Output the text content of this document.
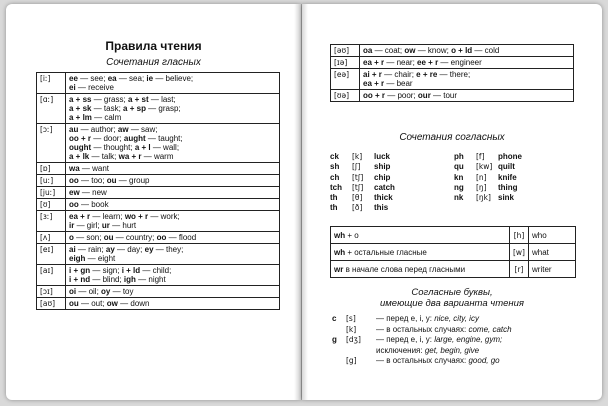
Правила чтения
Сочетания гласных
[iː]	ee — see; ea — sea; ie — believe;
ei — receive

[ɑː]	a + ss — grass; a + st — last;
a + sk — task; a + sp — grasp;
a + lm — calm

[ɔː]	au — author; aw — saw;
oo + r — door; aught — taught;
ought — thought; a + l — wall;
a + lk — talk; wa + r — warm

[ɒ]	wa — want

[uː]	oo — too; ou — group

[juː]	ew — new

[ʊ]	oo — book

[ɜː]	ea + r — learn; wo + r — work;
ir — girl; ur — hurt

[ʌ]	o — son; ou — country; oo — flood

[eɪ]	ai — rain; ay — day; ey — they;
eigh — eight

[aɪ]	i + gn — sign; i + ld — child;
i + nd — blind; igh — night

[ɔɪ]	oi — oil; oy — toy

[aʊ]	ou — out; ow — down
[əʊ]	oa — coat; ow — know; o + ld — cold

[ɪə]	ea + r — near; ee + r — engineer

[eə]	ai + r — chair; e + re — there;
ea + r — bear

[ʊə]	oo + r — poor; our — tour
Сочетания согласных
ck	[k]	luck	ph	[f]	phone
sh	[ʃ]	ship	qu	[kw] quilt
ch	[tʃ]	chip	kn	[n]	knife
tch	[tʃ]	catch	ng	[ŋ]	thing
th	[θ]	thick	nk	[ŋk] sink
th	[ð]	this
wh + o	[h]	who
wh + остальные гласные	[w]	what
wr в начале слова перед гласными	[r]	writer
Согласные буквы,
имеющие два варианта чтения
c	[s]	— перед e, i, y: nice, city, icy
[k]	— в остальных случаях: come, catch
g	[dʒ]	— перед e, i, y: large, engine, gym;
исключения: get, begin, give
[g]	— в остальных случаях: good, go
